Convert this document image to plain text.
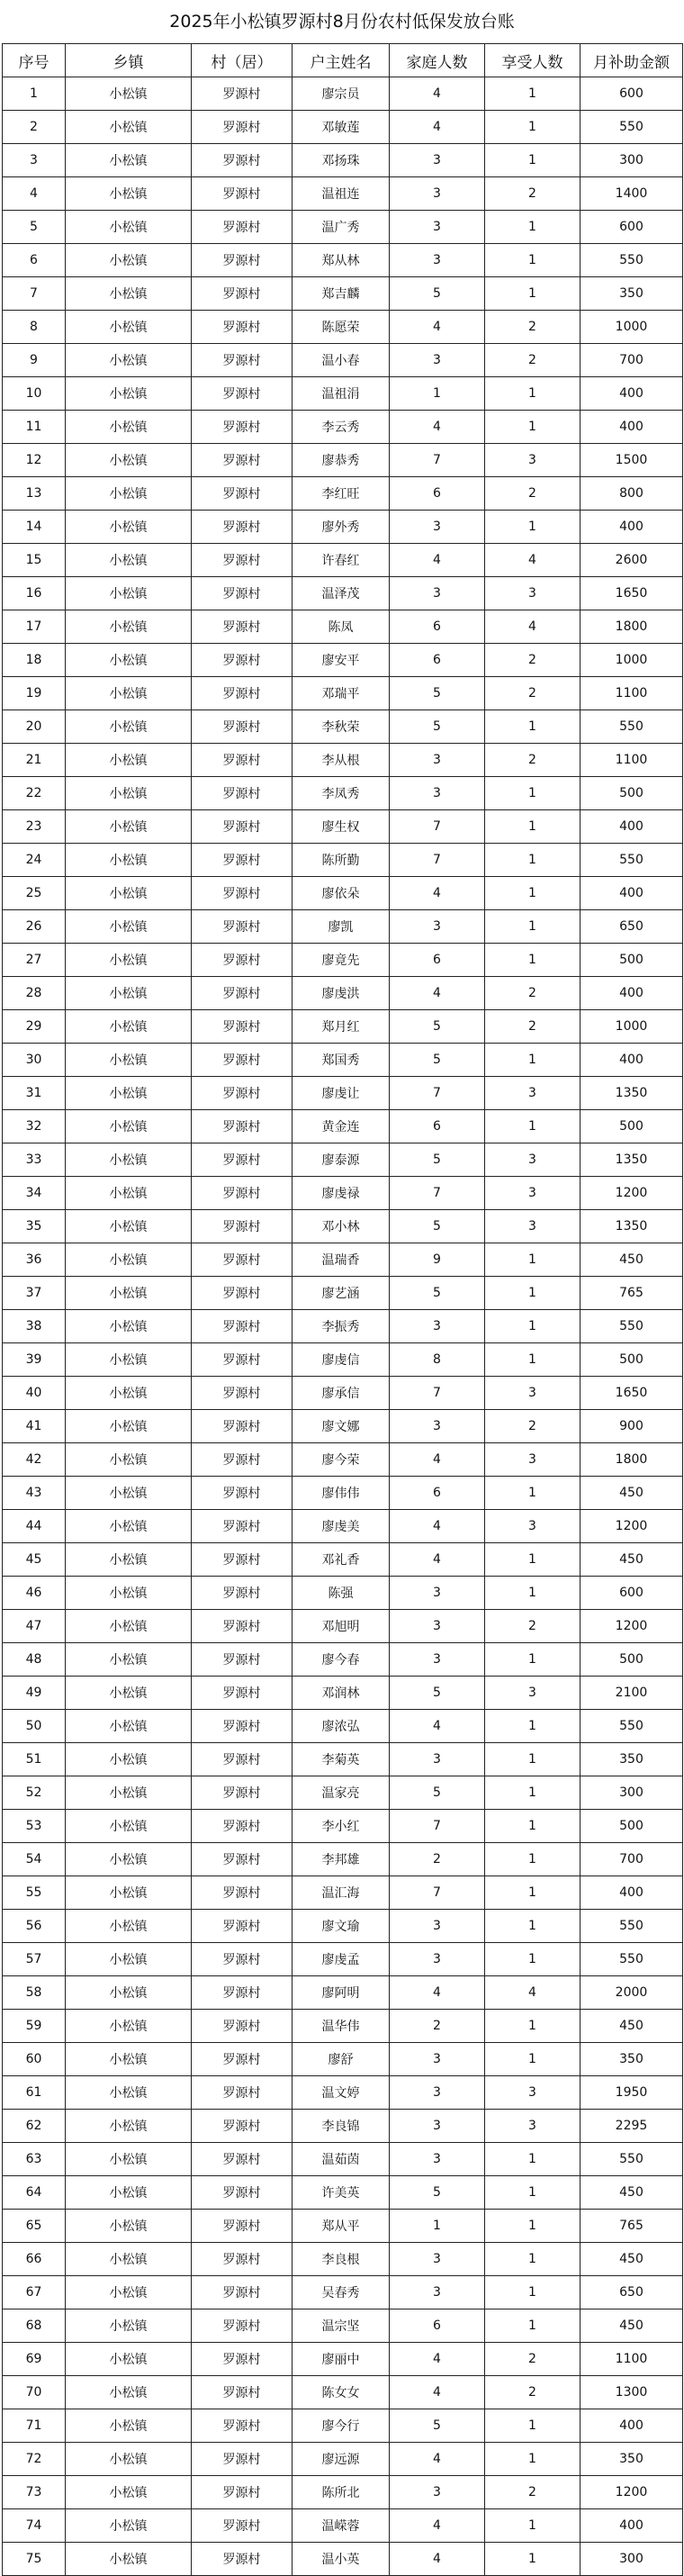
2025年小松镇罗源村8月份农村低保发放台账
序号	乡镇	村（居）	户主姓名	家庭人数	享受人数	月补助金额
1	小松镇	罗源村	廖宗员	4	1	600
2	小松镇	罗源村	邓敏莲	4	1	550
3	小松镇	罗源村	邓扬珠	3	1	300
4	小松镇	罗源村	温祖连	3	2	1400
5	小松镇	罗源村	温广秀	3	1	600
6	小松镇	罗源村	郑从林	3	1	550
7	小松镇	罗源村	郑吉麟	5	1	350
8	小松镇	罗源村	陈愿荣	4	2	1000
9	小松镇	罗源村	温小春	3	2	700
10	小松镇	罗源村	温祖涓	1	1	400
11	小松镇	罗源村	李云秀	4	1	400
12	小松镇	罗源村	廖恭秀	7	3	1500
13	小松镇	罗源村	李红旺	6	2	800
14	小松镇	罗源村	廖外秀	3	1	400
15	小松镇	罗源村	许春红	4	4	2600
16	小松镇	罗源村	温泽茂	3	3	1650
17	小松镇	罗源村	陈凤	6	4	1800
18	小松镇	罗源村	廖安平	6	2	1000
19	小松镇	罗源村	邓瑞平	5	2	1100
20	小松镇	罗源村	李秋荣	5	1	550
21	小松镇	罗源村	李从根	3	2	1100
22	小松镇	罗源村	李凤秀	3	1	500
23	小松镇	罗源村	廖生权	7	1	400
24	小松镇	罗源村	陈所勤	7	1	550
25	小松镇	罗源村	廖依朵	4	1	400
26	小松镇	罗源村	廖凯	3	1	650
27	小松镇	罗源村	廖竟先	6	1	500
28	小松镇	罗源村	廖虔洪	4	2	400
29	小松镇	罗源村	郑月红	5	2	1000
30	小松镇	罗源村	郑国秀	5	1	400
31	小松镇	罗源村	廖虔让	7	3	1350
32	小松镇	罗源村	黄金连	6	1	500
33	小松镇	罗源村	廖泰源	5	3	1350
34	小松镇	罗源村	廖虔禄	7	3	1200
35	小松镇	罗源村	邓小林	5	3	1350
36	小松镇	罗源村	温瑞香	9	1	450
37	小松镇	罗源村	廖艺涵	5	1	765
38	小松镇	罗源村	李振秀	3	1	550
39	小松镇	罗源村	廖虔信	8	1	500
40	小松镇	罗源村	廖承信	7	3	1650
41	小松镇	罗源村	廖文娜	3	2	900
42	小松镇	罗源村	廖今荣	4	3	1800
43	小松镇	罗源村	廖伟伟	6	1	450
44	小松镇	罗源村	廖虔美	4	3	1200
45	小松镇	罗源村	邓礼香	4	1	450
46	小松镇	罗源村	陈强	3	1	600
47	小松镇	罗源村	邓旭明	3	2	1200
48	小松镇	罗源村	廖今春	3	1	500
49	小松镇	罗源村	邓润林	5	3	2100
50	小松镇	罗源村	廖浓弘	4	1	550
51	小松镇	罗源村	李菊英	3	1	350
52	小松镇	罗源村	温家亮	5	1	300
53	小松镇	罗源村	李小红	7	1	500
54	小松镇	罗源村	李邦雄	2	1	700
55	小松镇	罗源村	温汇海	7	1	400
56	小松镇	罗源村	廖文瑜	3	1	550
57	小松镇	罗源村	廖虔孟	3	1	550
58	小松镇	罗源村	廖阿明	4	4	2000
59	小松镇	罗源村	温华伟	2	1	450
60	小松镇	罗源村	廖舒	3	1	350
61	小松镇	罗源村	温文婷	3	3	1950
62	小松镇	罗源村	李良锦	3	3	2295
63	小松镇	罗源村	温茹茵	3	1	550
64	小松镇	罗源村	许美英	5	1	450
65	小松镇	罗源村	郑从平	1	1	765
66	小松镇	罗源村	李良根	3	1	450
67	小松镇	罗源村	吴春秀	3	1	650
68	小松镇	罗源村	温宗坚	6	1	450
69	小松镇	罗源村	廖丽中	4	2	1100
70	小松镇	罗源村	陈女女	4	2	1300
71	小松镇	罗源村	廖今行	5	1	400
72	小松镇	罗源村	廖远源	4	1	350
73	小松镇	罗源村	陈所北	3	2	1200
74	小松镇	罗源村	温嵘蓉	4	1	400
75	小松镇	罗源村	温小英	4	1	300
